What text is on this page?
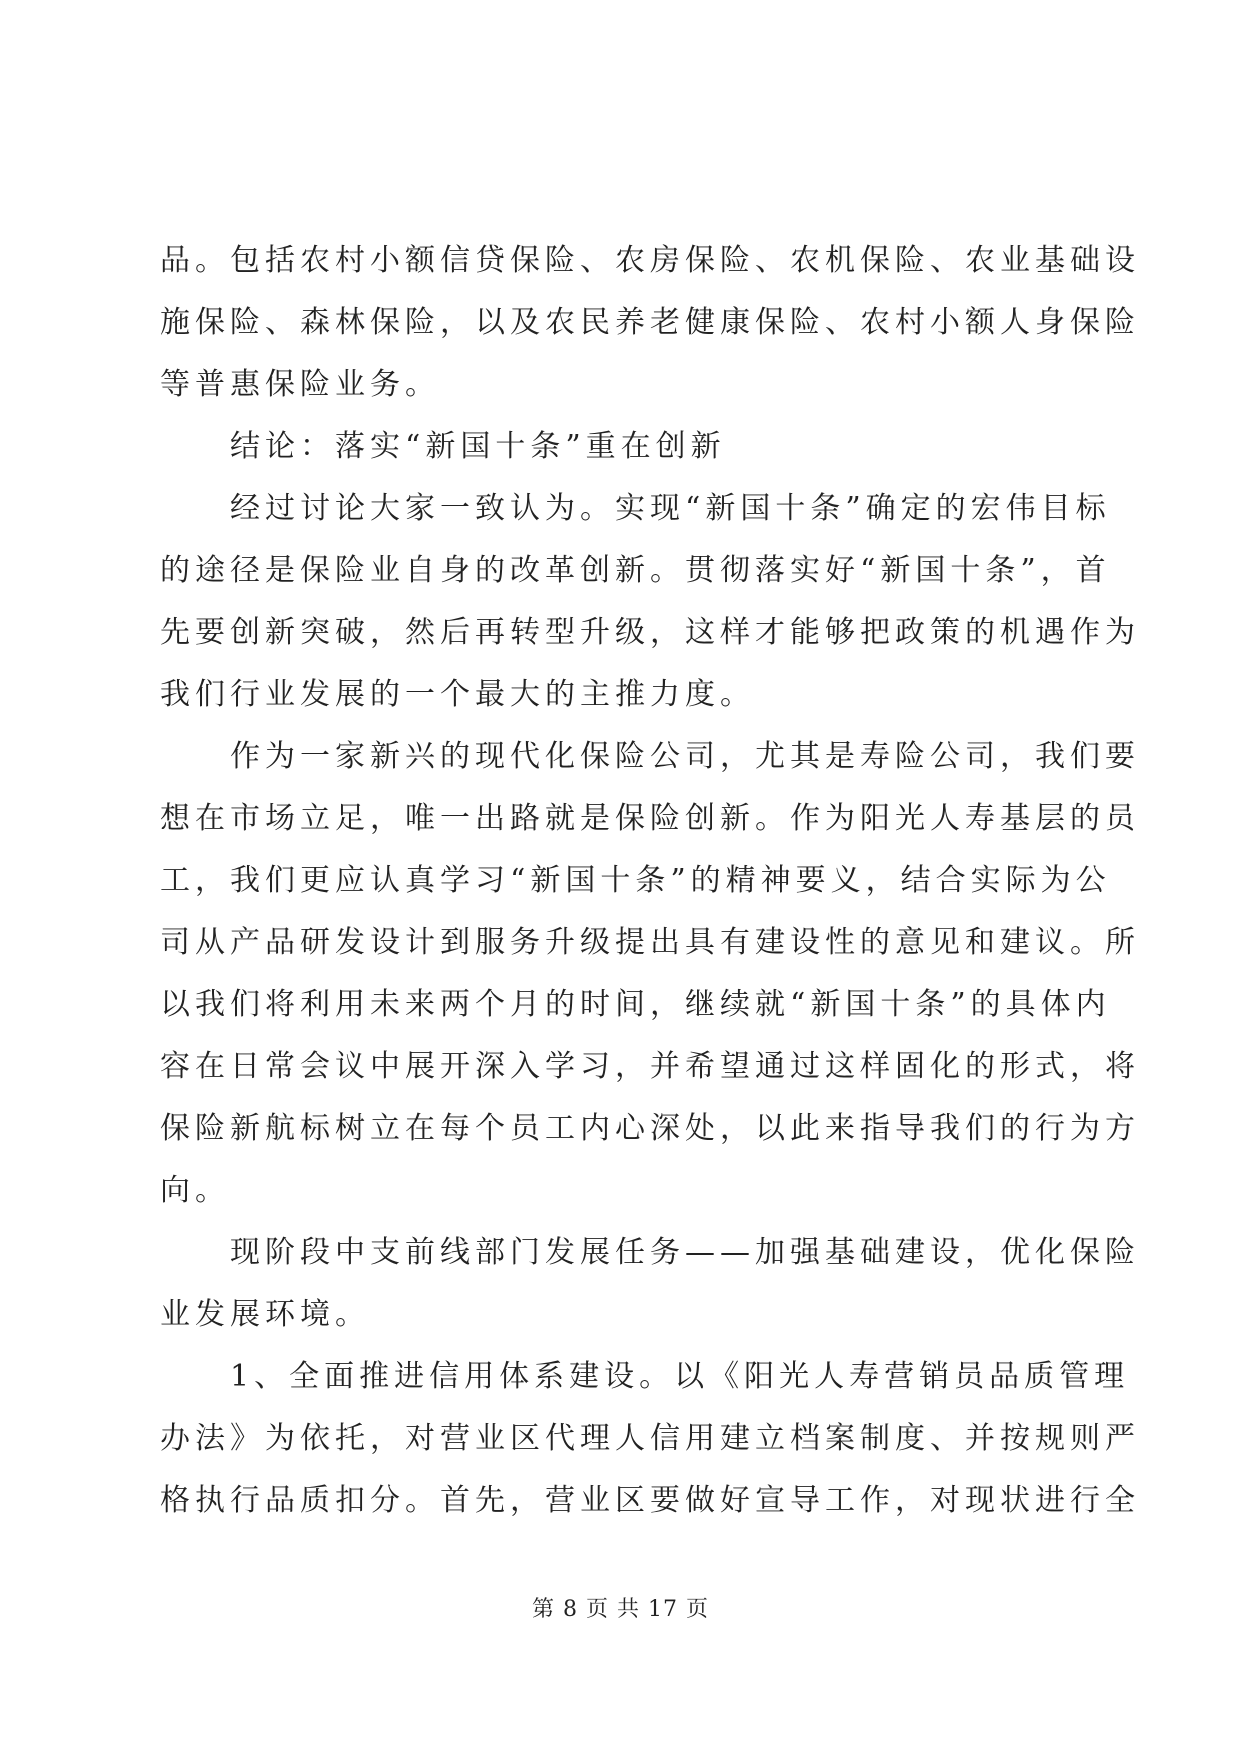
品。包括农村小额信贷保险、农房保险、农机保险、农业基础设

施保险、森林保险，以及农民养老健康保险、农村小额人身保险

等普惠保险业务。

结论：落实“新国十条”重在创新

经过讨论大家一致认为。实现“新国十条”确定的宏伟目标

的途径是保险业自身的改革创新。贯彻落实好“新国十条”，首

先要创新突破，然后再转型升级，这样才能够把政策的机遇作为

我们行业发展的一个最大的主推力度。

作为一家新兴的现代化保险公司，尤其是寿险公司，我们要

想在市场立足，唯一出路就是保险创新。作为阳光人寿基层的员

工，我们更应认真学习“新国十条”的精神要义，结合实际为公

司从产品研发设计到服务升级提出具有建设性的意见和建议。所

以我们将利用未来两个月的时间，继续就“新国十条”的具体内

容在日常会议中展开深入学习，并希望通过这样固化的形式，将

保险新航标树立在每个员工内心深处，以此来指导我们的行为方

向。

现阶段中支前线部门发展任务——加强基础建设，优化保险

业发展环境。

1、全面推进信用体系建设。以《阳光人寿营销员品质管理

办法》为依托，对营业区代理人信用建立档案制度、并按规则严

格执行品质扣分。首先，营业区要做好宣导工作，对现状进行全

第 8 页 共 17 页
